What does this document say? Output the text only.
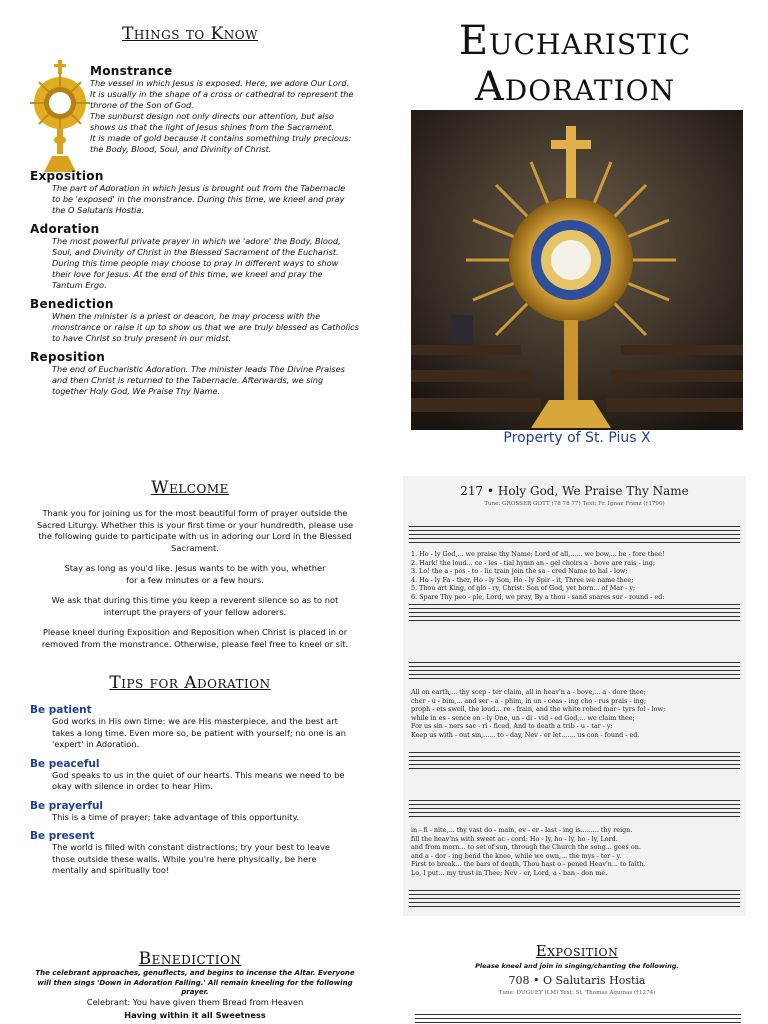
Things to Know
Monstrance
The vessel in which Jesus is exposed. Here, we adore Our Lord.
It is usually in the shape of a cross or cathedral to represent the
throne of the Son of God.
The sunburst design not only directs our attention, but also
shows us that the light of Jesus shines from the Sacrament.
It is made of gold because it contains something truly precious:
the Body, Blood, Soul, and Divinity of Christ.
Exposition
The part of Adoration in which Jesus is brought out from the Tabernacle
to be 'exposed' in the monstrance. During this time, we kneel and pray
the O Salutaris Hostia.
Adoration
The most powerful private prayer in which we 'adore' the Body, Blood,
Soul, and Divinity of Christ in the Blessed Sacrament of the Eucharist.
During this time people may choose to pray in different ways to show
their love for Jesus. At the end of this time, we kneel and pray the
Tantum Ergo.
Benediction
When the minister is a priest or deacon, he may process with the
monstrance or raise it up to show us that we are truly blessed as Catholics
to have Christ so truly present in our midst.
Reposition
The end of Eucharistic Adoration. The minister leads The Divine Praises
and then Christ is returned to the Tabernacle. Afterwards, we sing
together Holy God, We Praise Thy Name.
Eucharistic
Adoration
Property of St. Pius X
Welcome
Thank you for joining us for the most beautiful form of prayer outside the Sacred Liturgy. Whether this is your first time or your hundredth, please use the following guide to participate with us in adoring our Lord in the Blessed Sacrament.
Stay as long as you'd like. Jesus wants to be with you, whether for a few minutes or a few hours.
We ask that during this time you keep a reverent silence so as to not interrupt the prayers of your fellow adorers.
Please kneel during Exposition and Reposition when Christ is placed in or removed from the monstrance. Otherwise, please feel free to kneel or sit.
Tips for Adoration
Be patient
God works in His own time: we are His masterpiece, and the best art takes a long time. Even more so, be patient with yourself; no one is an 'expert' in Adoration.
Be peaceful
God speaks to us in the quiet of our hearts. This means we need to be okay with silence in order to hear Him.
Be prayerful
This is a time of prayer; take advantage of this opportunity.
Be present
The world is filled with constant distractions; try your best to leave those outside these walls. While you're here physically, be here mentally and spiritually too!
Benediction
The celebrant approaches, genuflects, and begins to incense the Altar. Everyone will then sings 'Down in Adoration Falling.' All remain kneeling for the following prayer.
Celebrant: You have given them Bread from Heaven
Having within it all Sweetness
217 • Holy God, We Praise Thy Name
Tune: GROSSER GOTT (78 78 77) Text: Fr. Ignaz Franz (†1790)
1. Ho - ly God,... we praise thy Name; Lord of all,...... we bow,... be - fore thee!
2. Hark! the loud... ce - les - tial hymn an - gel choirs a - bove are rais - ing;
3. Lo! the a - pos - to - lic train join the sa - cred Name to hal - low;
4. Ho - ly Fa - ther, Ho - ly Son, Ho - ly Spir - it, Three we name thee;
5. Thou art King, of glo - ry, Christ: Son of God, yet born... of Mar - y;
6. Spare Thy peo - ple, Lord, we pray, By a thou - sand snares sur - round - ed:
All on earth,... thy scep - ter claim, all in heav'n a - bove,... a - dore thee;
cher - u - bim,... and ser - a - phim, in un - ceas - ing cho - rus prais - ing;
proph - ets swell, the loud... re - frain, and the white robed mar - tyrs fol - low;
while in es - sence on - ly One, un - di - vid - ed God,... we claim thee;
For us sin - ners sac - ri - ficed, And to death a trib - u - tar - y:
Keep us with - out sin,...... to - day, Nev - er let....... us con - found - ed.
in - fi - nite,... thy vast do - main, ev - er - last - ing is......... thy reign.
fill the heav'ns with sweet ac - cord: Ho - ly, ho - ly, ho - ly, Lord.
and from morn... to set of sun, through the Church the song... goes on.
and a - dor - ing bend the knee, while we own,... the mys - ter - y.
First to break... the bars of death, Thou hast o - pened Heav'n... to faith.
Lo, I put... my trust in Thee; Nev - er, Lord, a - ban - don me.
Exposition
Please kneel and join in singing/chanting the following.
708 • O Salutaris Hostia
Tune: DUGUET (LM) Text: St. Thomas Aquinas (†1274)
